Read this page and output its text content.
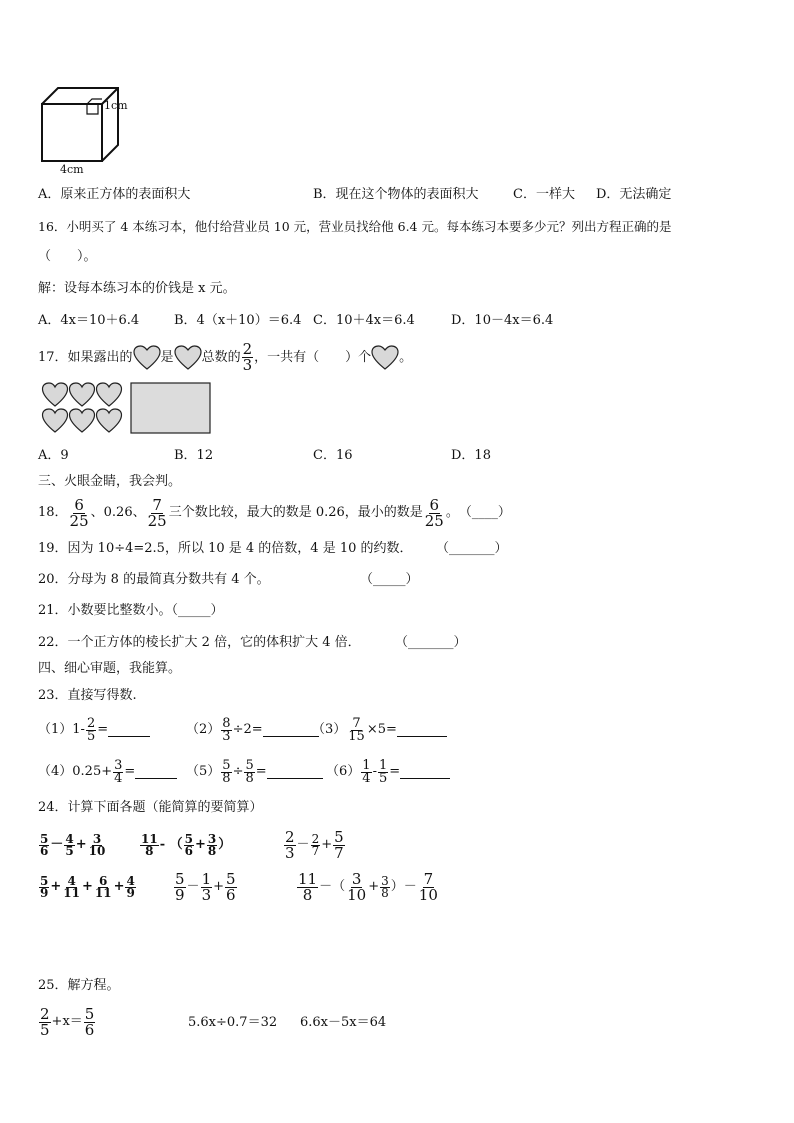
1cm
4cm
A．原来正方体的表面积大	B．现在这个物体的表面积大	C．一样大 D．无法确定
16．小明买了 4 本练习本，他付给营业员 10 元，营业员找给他 6.4 元。每本练习本要多少元？列出方程正确的是
（　　）。
解：设每本练习本的价钱是 x 元。
A．4x＝10＋6.4	B．4（x＋10）＝6.4 C．10＋4x＝6.4	D．10－4x＝6.4
17．如果露出的 是 总数的 $\frac{2}{3}$ ，一共有（　　）个 。
A．9	B．12	C．16	D．18
三、火眼金睛，我会判。
18． $\frac{6}{25}$ 、0.26、 $\frac{7}{25}$ 三个数比较，最大的数是 0.26，最小的数是 $\frac{6}{25}$ 。　（____）
19．因为 10÷4=2.5，所以 10 是 4 的倍数，4 是 10 的约数． （_______）
20．分母为 8 的最简真分数共有 4 个。	（_____）
21．小数要比整数小。（_____）
22．一个正方体的棱长扩大 2 倍，它的体积扩大 4 倍．	（_______）
四、细心审题，我能算。
23．直接写得数.
$(1)1- \frac{2}{5}$ =	$(2) \frac{8}{3} \div 2=$	$(3) \frac{7}{15} \times 5=$
$(4)0.25+ \frac{3}{4}$ =	$(5) \frac{5}{8} \div \frac{5}{8}$ =	$(6) \frac{1}{4} - \frac{1}{5}$ =
24．计算下面各题（能简算的要简算）
$\frac{5}{6} - \frac{4}{5} + \frac{3}{10}$	$\frac{11}{8}$ - （ $\frac{5}{6} + \frac{3}{8}$ ）	$\frac{2}{3} - \frac{2}{7} + \frac{5}{7}$
$\frac{5}{9} + \frac{4}{11} + \frac{6}{11} + \frac{4}{9}$	$\frac{5}{9} - \frac{1}{3} + \frac{5}{6}$	$\frac{11}{8}$ － （ $\frac{3}{10} + \frac{3}{8}$ ） － $\frac{7}{10}$
25．解方程。
$\frac{2}{5} +x= \frac{5}{6}$	5.6x÷0.7＝32 6.6x－5x＝64
